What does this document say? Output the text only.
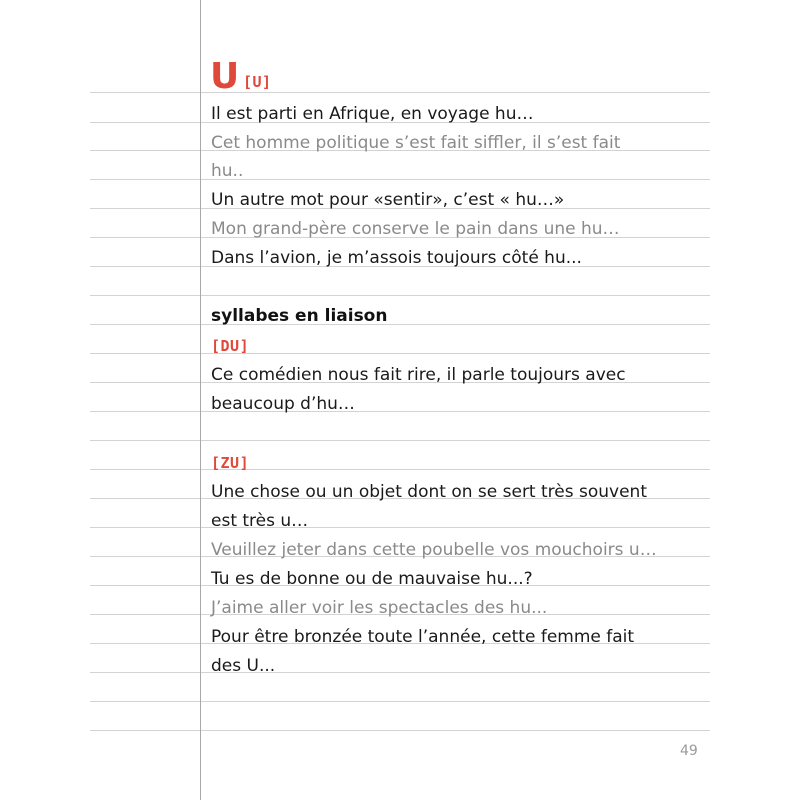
U [U]
Il est parti en Afrique, en voyage hu…
Cet homme politique s’est fait siffler, il s’est fait
hu..
Un autre mot pour «sentir», c’est « hu…»
Mon grand-père conserve le pain dans une hu…
Dans l’avion, je m’assois toujours côté hu...
syllabes en liaison
[DU]
Ce comédien nous fait rire, il parle toujours avec
beaucoup d’hu…
[ZU]
Une chose ou un objet dont on se sert très souvent
est très u…
Veuillez jeter dans cette poubelle vos mouchoirs u…
Tu es de bonne ou de mauvaise hu...?
J’aime aller voir les spectacles des hu...
Pour être bronzée toute l’année, cette femme fait
des U...
49
